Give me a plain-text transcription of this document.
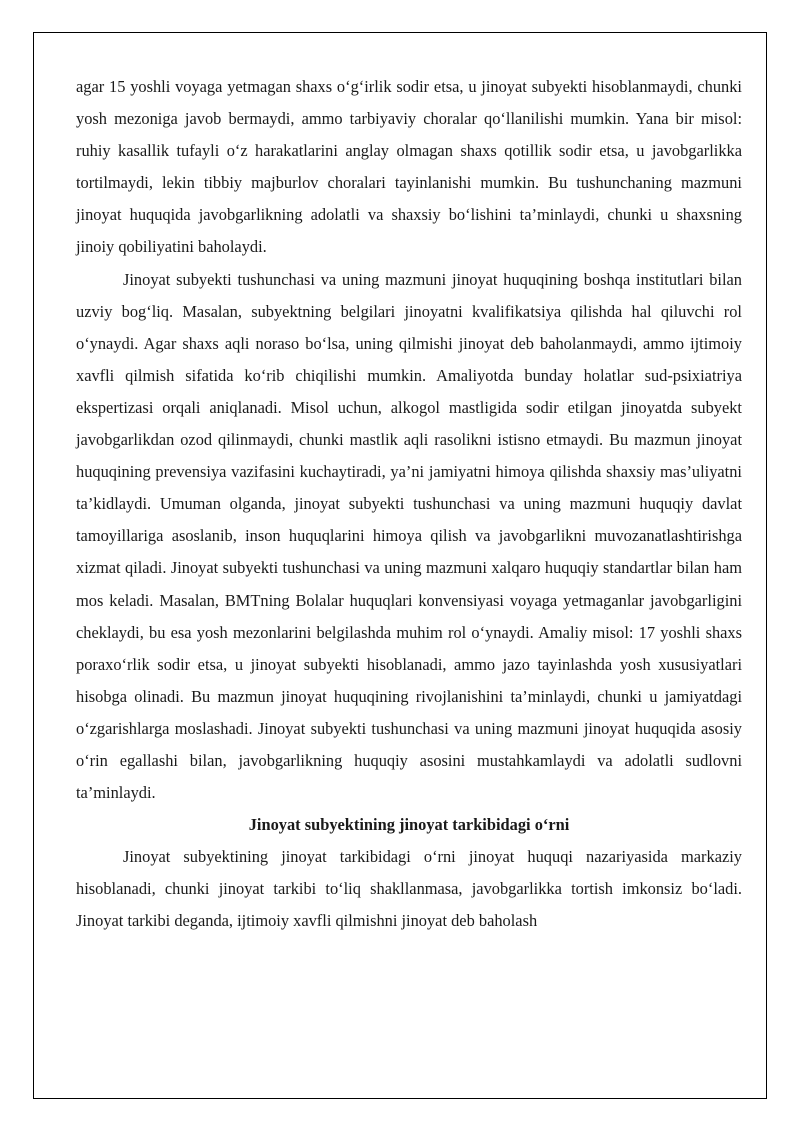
agar 15 yoshli voyaga yetmagan shaxs o‘g‘irlik sodir etsa, u jinoyat subyekti hisoblanmaydi, chunki yosh mezoniga javob bermaydi, ammo tarbiyaviy choralar qo‘llanilishi mumkin. Yana bir misol: ruhiy kasallik tufayli o‘z harakatlarini anglay olmagan shaxs qotillik sodir etsa, u javobgarlikka tortilmaydi, lekin tibbiy majburlov choralari tayinlanishi mumkin. Bu tushunchaning mazmuni jinoyat huquqida javobgarlikning adolatli va shaxsiy bo‘lishini ta’minlaydi, chunki u shaxsning jinoiy qobiliyatini baholaydi.

Jinoyat subyekti tushunchasi va uning mazmuni jinoyat huquqining boshqa institutlari bilan uzviy bog‘liq. Masalan, subyektning belgilari jinoyatni kvalifikatsiya qilishda hal qiluvchi rol o‘ynaydi. Agar shaxs aqli noraso bo‘lsa, uning qilmishi jinoyat deb baholanmaydi, ammo ijtimoiy xavfli qilmish sifatida ko‘rib chiqilishi mumkin. Amaliyotda bunday holatlar sud-psixiatriya ekspertizasi orqali aniqlanadi. Misol uchun, alkogol mastligida sodir etilgan jinoyatda subyekt javobgarlikdan ozod qilinmaydi, chunki mastlik aqli rasolikni istisno etmaydi. Bu mazmun jinoyat huquqining prevensiya vazifasini kuchaytiradi, ya’ni jamiyatni himoya qilishda shaxsiy mas’uliyatni ta’kidlaydi. Umuman olganda, jinoyat subyekti tushunchasi va uning mazmuni huquqiy davlat tamoyillariga asoslanib, inson huquqlarini himoya qilish va javobgarlikni muvozanatlashtirishga xizmat qiladi. Jinoyat subyekti tushunchasi va uning mazmuni xalqaro huquqiy standartlar bilan ham mos keladi. Masalan, BMTning Bolalar huquqlari konvensiyasi voyaga yetmaganlar javobgarligini cheklaydi, bu esa yosh mezonlarini belgilashda muhim rol o‘ynaydi. Amaliy misol: 17 yoshli shaxs poraxo‘rlik sodir etsa, u jinoyat subyekti hisoblanadi, ammo jazo tayinlashda yosh xususiyatlari hisobga olinadi. Bu mazmun jinoyat huquqining rivojlanishini ta’minlaydi, chunki u jamiyatdagi o‘zgarishlarga moslashadi. Jinoyat subyekti tushunchasi va uning mazmuni jinoyat huquqida asosiy o‘rin egallashi bilan, javobgarlikning huquqiy asosini mustahkamlaydi va adolatli sudlovni ta’minlaydi.

Jinoyat subyektining jinoyat tarkibidagi o‘rni

Jinoyat subyektining jinoyat tarkibidagi o‘rni jinoyat huquqi nazariyasida markaziy hisoblanadi, chunki jinoyat tarkibi to‘liq shakllanmasa, javobgarlikka tortish imkonsiz bo‘ladi. Jinoyat tarkibi deganda, ijtimoiy xavfli qilmishni jinoyat deb baholash
